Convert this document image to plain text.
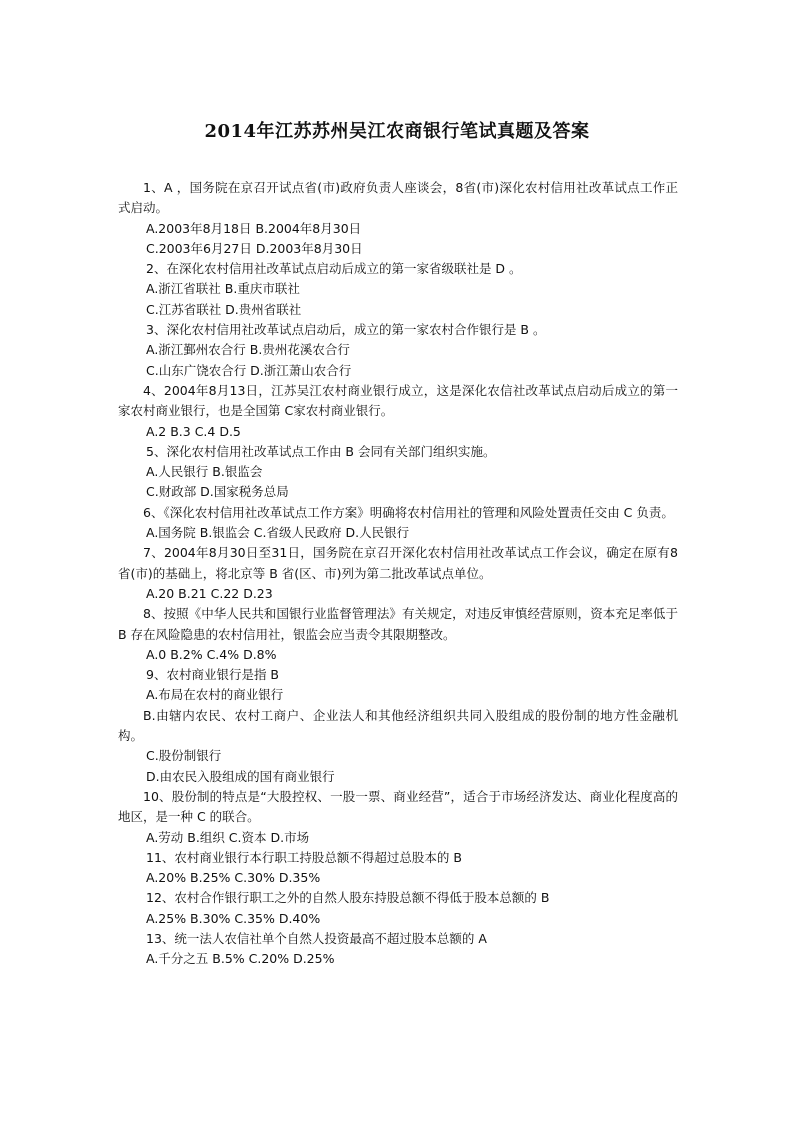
2014年江苏苏州吴江农商银行笔试真题及答案
1、A ，国务院在京召开试点省(市)政府负责人座谈会，8省(市)深化农村信用社改革试点工作正式启动。
A.2003年8月18日 B.2004年8月30日
C.2003年6月27日 D.2003年8月30日
2、在深化农村信用社改革试点启动后成立的第一家省级联社是 D 。
A.浙江省联社 B.重庆市联社
C.江苏省联社 D.贵州省联社
3、深化农村信用社改革试点启动后，成立的第一家农村合作银行是 B 。
A.浙江鄞州农合行 B.贵州花溪农合行
C.山东广饶农合行 D.浙江萧山农合行
4、2004年8月13日，江苏吴江农村商业银行成立，这是深化农信社改革试点启动后成立的第一家农村商业银行，也是全国第 C家农村商业银行。
A.2 B.3 C.4 D.5
5、深化农村信用社改革试点工作由 B 会同有关部门组织实施。
A.人民银行 B.银监会
C.财政部 D.国家税务总局
6、《深化农村信用社改革试点工作方案》明确将农村信用社的管理和风险处置责任交由 C 负责。
A.国务院 B.银监会 C.省级人民政府 D.人民银行
7、2004年8月30日至31日，国务院在京召开深化农村信用社改革试点工作会议，确定在原有8省(市)的基础上，将北京等 B 省(区、市)列为第二批改革试点单位。
A.20 B.21 C.22 D.23
8、按照《中华人民共和国银行业监督管理法》有关规定，对违反审慎经营原则，资本充足率低于 B 存在风险隐患的农村信用社，银监会应当责令其限期整改。
A.0 B.2% C.4% D.8%
9、农村商业银行是指 B
A.布局在农村的商业银行
B.由辖内农民、农村工商户、企业法人和其他经济组织共同入股组成的股份制的地方性金融机构。
C.股份制银行
D.由农民入股组成的国有商业银行
10、股份制的特点是“大股控权、一股一票、商业经营”，适合于市场经济发达、商业化程度高的地区，是一种 C 的联合。
A.劳动 B.组织 C.资本 D.市场
11、农村商业银行本行职工持股总额不得超过总股本的 B
A.20% B.25% C.30% D.35%
12、农村合作银行职工之外的自然人股东持股总额不得低于股本总额的 B
A.25% B.30% C.35% D.40%
13、统一法人农信社单个自然人投资最高不超过股本总额的 A
A.千分之五 B.5% C.20% D.25%
